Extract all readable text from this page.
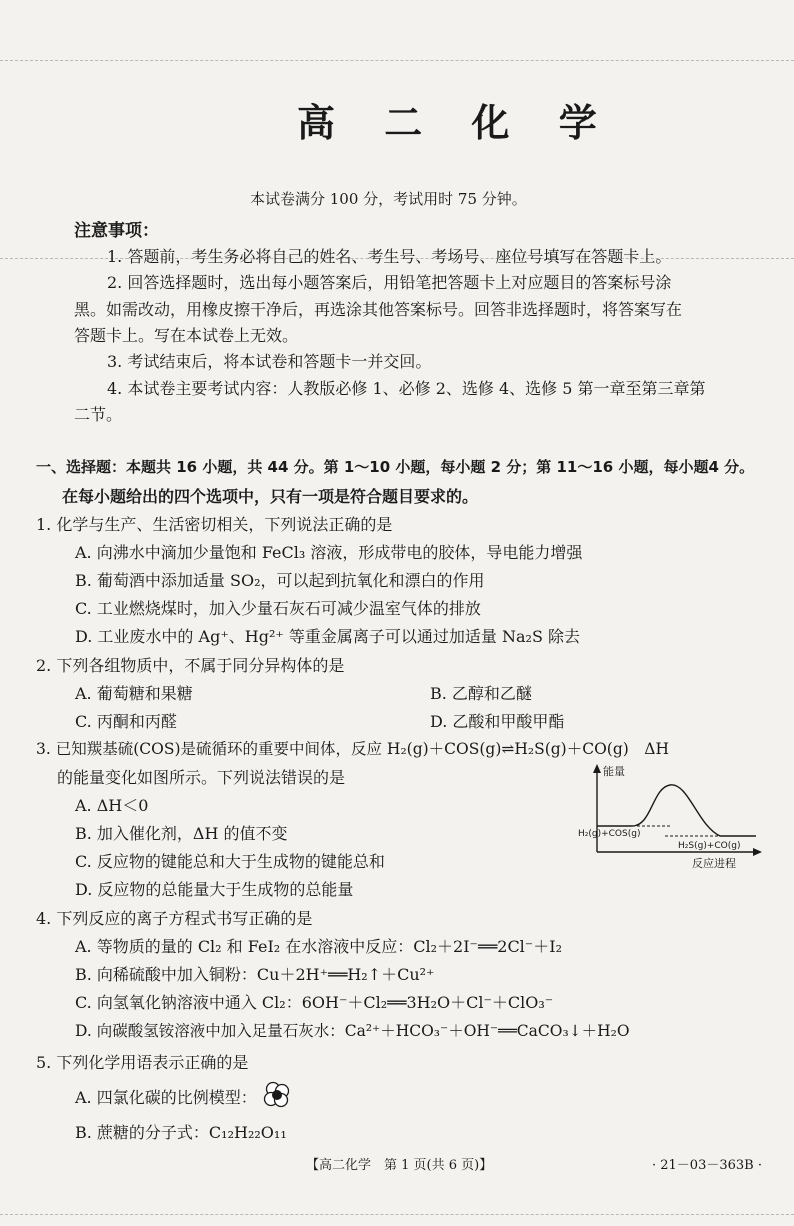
高 二 化 学
本试卷满分 100 分，考试用时 75 分钟。
注意事项：
1. 答题前，考生务必将自己的姓名、考生号、考场号、座位号填写在答题卡上。
2. 回答选择题时，选出每小题答案后，用铅笔把答题卡上对应题目的答案标号涂
黑。如需改动，用橡皮擦干净后，再选涂其他答案标号。回答非选择题时，将答案写在
答题卡上。写在本试卷上无效。
3. 考试结束后，将本试卷和答题卡一并交回。
4. 本试卷主要考试内容：人教版必修 1、必修 2、选修 4、选修 5 第一章至第三章第
二节。
一、选择题：本题共 16 小题，共 44 分。第 1～10 小题，每小题 2 分；第 11～16 小题，每小题4 分。
在每小题给出的四个选项中，只有一项是符合题目要求的。
1. 化学与生产、生活密切相关，下列说法正确的是
A. 向沸水中滴加少量饱和 FeCl₃ 溶液，形成带电的胶体，导电能力增强
B. 葡萄酒中添加适量 SO₂，可以起到抗氧化和漂白的作用
C. 工业燃烧煤时，加入少量石灰石可减少温室气体的排放
D. 工业废水中的 Ag⁺、Hg²⁺ 等重金属离子可以通过加适量 Na₂S 除去
2. 下列各组物质中，不属于同分异构体的是
A. 葡萄糖和果糖	B. 乙醇和乙醚
C. 丙酮和丙醛	D. 乙酸和甲酸甲酯
3. 已知羰基硫(COS)是硫循环的重要中间体，反应 H₂(g)＋COS(g)⇌H₂S(g)＋CO(g)　ΔH
的能量变化如图所示。下列说法错误的是
A. ΔH＜0
B. 加入催化剂，ΔH 的值不变
C. 反应物的键能总和大于生成物的键能总和
D. 反应物的总能量大于生成物的总能量
能量
反应进程
H₂(g)+COS(g)
H₂S(g)+CO(g)
4. 下列反应的离子方程式书写正确的是
A. 等物质的量的 Cl₂ 和 FeI₂ 在水溶液中反应：Cl₂＋2I⁻══2Cl⁻＋I₂
B. 向稀硫酸中加入铜粉：Cu＋2H⁺══H₂↑＋Cu²⁺
C. 向氢氧化钠溶液中通入 Cl₂：6OH⁻＋Cl₂══3H₂O＋Cl⁻＋ClO₃⁻
D. 向碳酸氢铵溶液中加入足量石灰水：Ca²⁺＋HCO₃⁻＋OH⁻══CaCO₃↓＋H₂O
5. 下列化学用语表示正确的是
A. 四氯化碳的比例模型：
B. 蔗糖的分子式：C₁₂H₂₂O₁₁
【高二化学　第 1 页(共 6 页)】	· 21－03－363B ·
